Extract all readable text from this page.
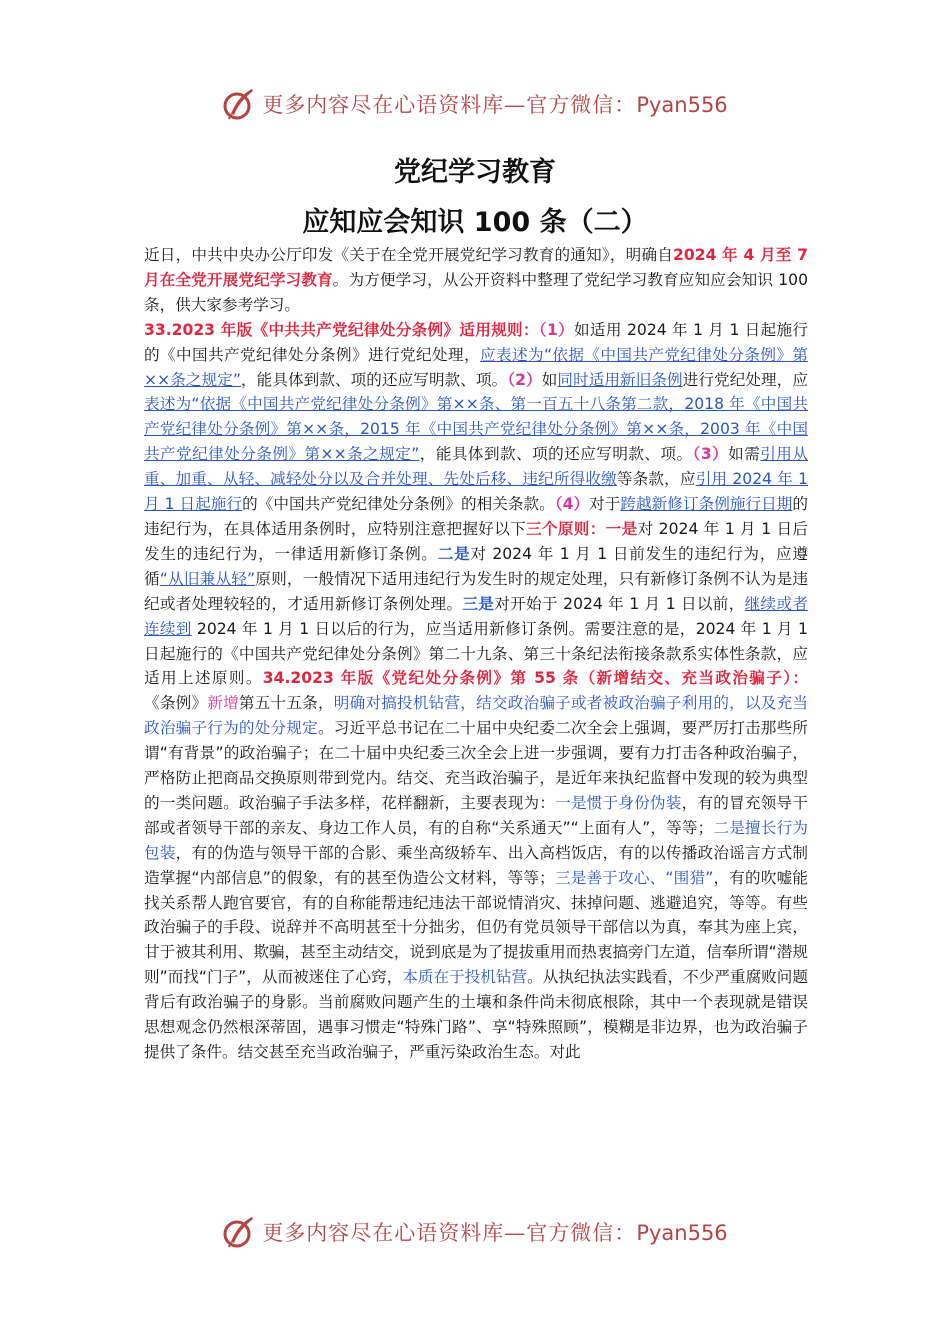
更多内容尽在心语资料库—官方微信：Pyan556
党纪学习教育
应知应会知识 100 条（二）

近日，中共中央办公厅印发《关于在全党开展党纪学习教育的通知》，明确自2024 年 4 月至 7 月在全党开展党纪学习教育。为方便学习，从公开资料中整理了党纪学习教育应知应会知识 100 条，供大家参考学习。

33.2023 年版《中共共产党纪律处分条例》适用规则：（1）如适用 2024 年 1 月 1 日起施行的《中国共产党纪律处分条例》进行党纪处理，应表述为“依据《中国共产党纪律处分条例》第××条之规定”，能具体到款、项的还应写明款、项。（2）如同时适用新旧条例进行党纪处理，应表述为“依据《中国共产党纪律处分条例》第××条、第一百五十八条第二款，2018 年《中国共产党纪律处分条例》第××条，2015 年《中国共产党纪律处分条例》第××条，2003 年《中国共产党纪律处分条例》第××条之规定”，能具体到款、项的还应写明款、项。（3）如需引用从重、加重、从轻、减轻处分以及合并处理、先处后移、违纪所得收缴等条款，应引用 2024 年 1 月 1 日起施行的《中国共产党纪律处分条例》的相关条款。（4）对于跨越新修订条例施行日期的违纪行为，在具体适用条例时，应特别注意把握好以下三个原则：一是对 2024 年 1 月 1 日后发生的违纪行为，一律适用新修订条例。二是对 2024 年 1 月 1 日前发生的违纪行为，应遵循“从旧兼从轻”原则，一般情况下适用违纪行为发生时的规定处理，只有新修订条例不认为是违纪或者处理较轻的，才适用新修订条例处理。三是对开始于 2024 年 1 月 1 日以前，继续或者连续到 2024 年 1 月 1 日以后的行为，应当适用新修订条例。需要注意的是，2024 年 1 月 1 日起施行的《中国共产党纪律处分条例》第二十九条、第三十条纪法衔接条款系实体性条款，应适用上述原则。34.2023 年版《党纪处分条例》第 55 条（新增结交、充当政治骗子）：《条例》新增第五十五条，明确对搞投机钻营，结交政治骗子或者被政治骗子利用的，以及充当政治骗子行为的处分规定。习近平总书记在二十届中央纪委二次全会上强调，要严厉打击那些所谓“有背景”的政治骗子；在二十届中央纪委三次全会上进一步强调，要有力打击各种政治骗子，严格防止把商品交换原则带到党内。结交、充当政治骗子，是近年来执纪监督中发现的较为典型的一类问题。政治骗子手法多样，花样翻新，主要表现为：一是惯于身份伪装，有的冒充领导干部或者领导干部的亲友、身边工作人员，有的自称“关系通天”“上面有人”，等等；二是擅长行为包装，有的伪造与领导干部的合影、乘坐高级轿车、出入高档饭店，有的以传播政治谣言方式制造掌握“内部信息”的假象，有的甚至伪造公文材料，等等；三是善于攻心、“围猎”，有的吹嘘能找关系帮人跑官要官，有的自称能帮违纪违法干部说情消灾、抹掉问题、逃避追究，等等。有些政治骗子的手段、说辞并不高明甚至十分拙劣，但仍有党员领导干部信以为真，奉其为座上宾，甘于被其利用、欺骗，甚至主动结交，说到底是为了提拔重用而热衷搞旁门左道，信奉所谓“潜规则”而找“门子”，从而被迷住了心窍，本质在于投机钻营。从执纪执法实践看，不少严重腐败问题背后有政治骗子的身影。当前腐败问题产生的土壤和条件尚未彻底根除，其中一个表现就是错误思想观念仍然根深蒂固，遇事习惯走“特殊门路”、享“特殊照顾”，模糊是非边界，也为政治骗子提供了条件。结交甚至充当政治骗子，严重污染政治生态。对此

更多内容尽在心语资料库—官方微信：Pyan556
